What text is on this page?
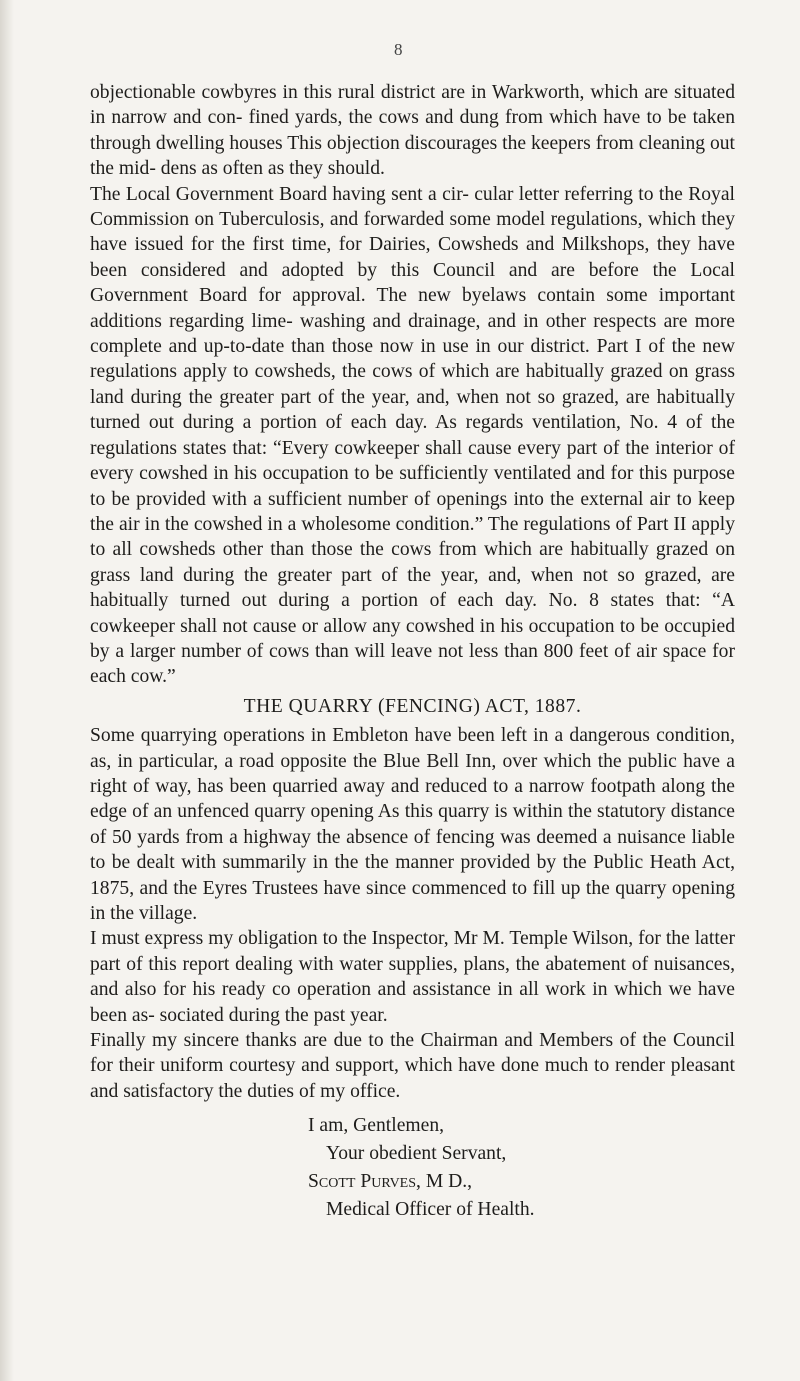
8

objectionable cowbyres in this rural district are in Warkworth, which are situated in narrow and con- fined yards, the cows and dung from which have to be taken through dwelling houses This objection discourages the keepers from cleaning out the mid- dens as often as they should.

The Local Government Board having sent a cir- cular letter referring to the Royal Commission on Tuberculosis, and forwarded some model regulations, which they have issued for the first time, for Dairies, Cowsheds and Milkshops, they have been considered and adopted by this Council and are before the Local Government Board for approval. The new byelaws contain some important additions regarding lime- washing and drainage, and in other respects are more complete and up-to-date than those now in use in our district. Part I of the new regulations apply to cowsheds, the cows of which are habitually grazed on grass land during the greater part of the year, and, when not so grazed, are habitually turned out during a portion of each day. As regards ventilation, No. 4 of the regulations states that: “Every cowkeeper shall cause every part of the interior of every cowshed in his occupation to be sufficiently ventilated and for this purpose to be provided with a sufficient number of openings into the external air to keep the air in the cowshed in a wholesome condition.” The regulations of Part II apply to all cowsheds other than those the cows from which are habitually grazed on grass land during the greater part of the year, and, when not so grazed, are habitually turned out during a portion of each day. No. 8 states that: “A cowkeeper shall not cause or allow any cowshed in his occupation to be occupied by a larger number of cows than will leave not less than 800 feet of air space for each cow.”

THE QUARRY (FENCING) ACT, 1887.

Some quarrying operations in Embleton have been left in a dangerous condition, as, in particular, a road opposite the Blue Bell Inn, over which the public have a right of way, has been quarried away and reduced to a narrow footpath along the edge of an unfenced quarry opening As this quarry is within the statutory distance of 50 yards from a highway the absence of fencing was deemed a nuisance liable to be dealt with summarily in the the manner provided by the Public Heath Act, 1875, and the Eyres Trustees have since commenced to fill up the quarry opening in the village.

I must express my obligation to the Inspector, Mr M. Temple Wilson, for the latter part of this report dealing with water supplies, plans, the abatement of nuisances, and also for his ready co operation and assistance in all work in which we have been as- sociated during the past year.

Finally my sincere thanks are due to the Chairman and Members of the Council for their uniform courtesy and support, which have done much to render pleasant and satisfactory the duties of my office.

I am, Gentlemen,
Your obedient Servant,
Scott Purves, M D.,
Medical Officer of Health.
